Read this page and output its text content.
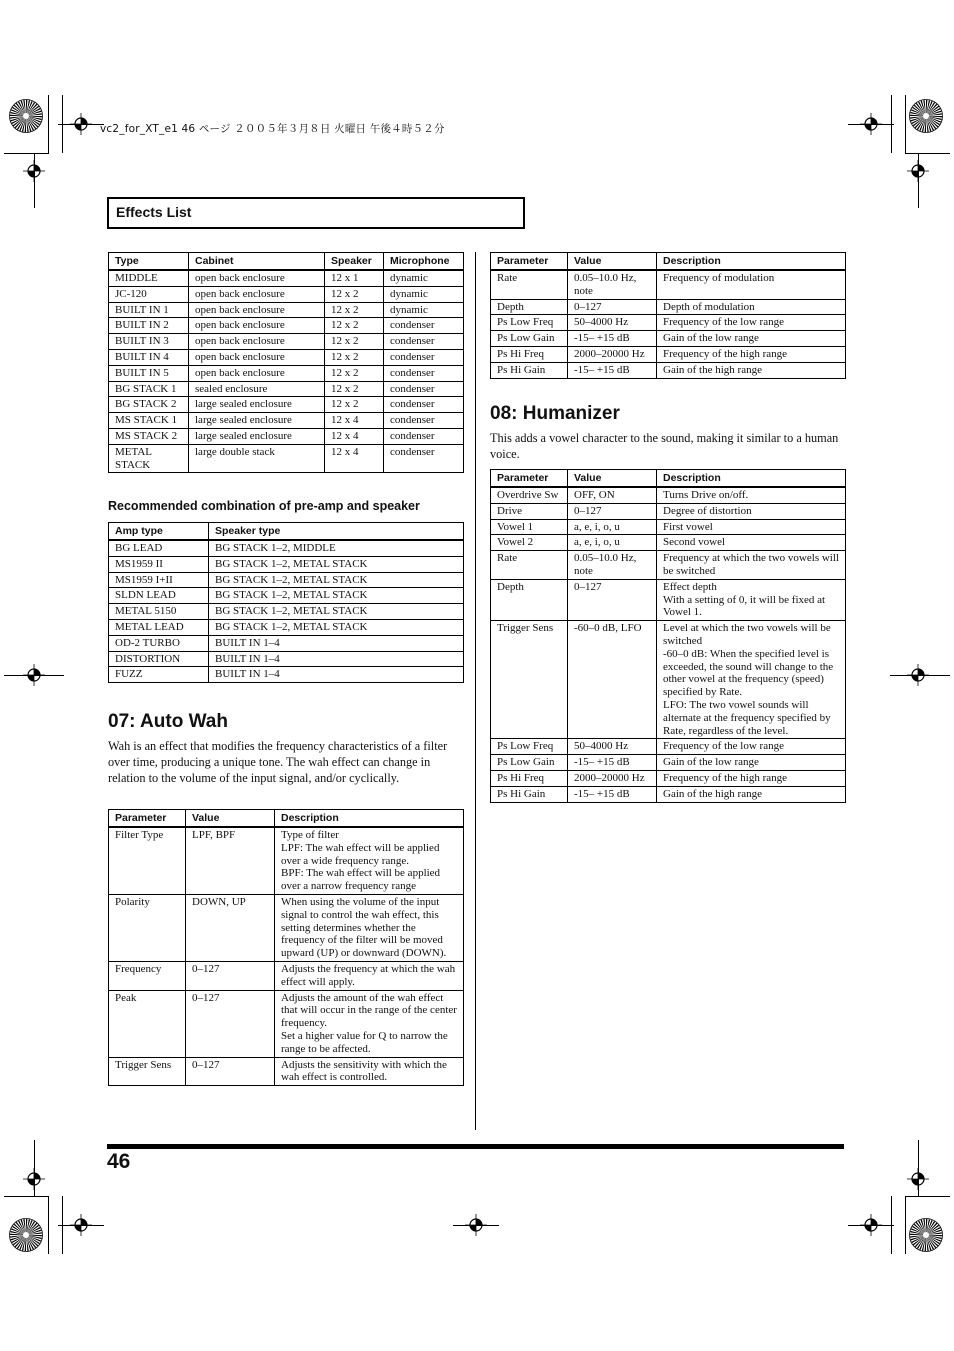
vc2_for_XT_e1 46 ページ ２００５年３月８日 火曜日 午後４時５２分
Effects List
Type	Cabinet	Speaker	Microphone
MIDDLE	open back enclosure	12 x 1	dynamic
JC-120	open back enclosure	12 x 2	dynamic
BUILT IN 1	open back enclosure	12 x 2	dynamic
BUILT IN 2	open back enclosure	12 x 2	condenser
BUILT IN 3	open back enclosure	12 x 2	condenser
BUILT IN 4	open back enclosure	12 x 2	condenser
BUILT IN 5	open back enclosure	12 x 2	condenser
BG STACK 1	sealed enclosure	12 x 2	condenser
BG STACK 2	large sealed enclosure	12 x 2	condenser
MS STACK 1	large sealed enclosure	12 x 4	condenser
MS STACK 2	large sealed enclosure	12 x 4	condenser
METAL STACK	large double stack	12 x 4	condenser
Recommended combination of pre-amp and speaker
Amp type	Speaker type
BG LEAD	BG STACK 1–2, MIDDLE
MS1959 II	BG STACK 1–2, METAL STACK
MS1959 I+II	BG STACK 1–2, METAL STACK
SLDN LEAD	BG STACK 1–2, METAL STACK
METAL 5150	BG STACK 1–2, METAL STACK
METAL LEAD	BG STACK 1–2, METAL STACK
OD-2 TURBO	BUILT IN 1–4
DISTORTION	BUILT IN 1–4
FUZZ	BUILT IN 1–4
07: Auto Wah
Wah is an effect that modifies the frequency characteristics of a filter over time, producing a unique tone. The wah effect can change in relation to the volume of the input signal, and/or cyclically.
Parameter	Value	Description
Filter Type	LPF, BPF	Type of filter
LPF: The wah effect will be applied over a wide frequency range.
BPF: The wah effect will be applied over a narrow frequency range
Polarity	DOWN, UP	When using the volume of the input signal to control the wah effect, this setting determines whether the frequency of the filter will be moved upward (UP) or downward (DOWN).
Frequency	0–127	Adjusts the frequency at which the wah effect will apply.
Peak	0–127	Adjusts the amount of the wah effect that will occur in the range of the center frequency.
Set a higher value for Q to narrow the range to be affected.
Trigger Sens	0–127	Adjusts the sensitivity with which the wah effect is controlled.
Parameter	Value	Description
Rate	0.05–10.0 Hz, note	Frequency of modulation
Depth	0–127	Depth of modulation
Ps Low Freq	50–4000 Hz	Frequency of the low range
Ps Low Gain	-15– +15 dB	Gain of the low range
Ps Hi Freq	2000–20000 Hz	Frequency of the high range
Ps Hi Gain	-15– +15 dB	Gain of the high range
08: Humanizer
This adds a vowel character to the sound, making it similar to a human voice.
Parameter	Value	Description
Overdrive Sw	OFF, ON	Turns Drive on/off.
Drive	0–127	Degree of distortion
Vowel 1	a, e, i, o, u	First vowel
Vowel 2	a, e, i, o, u	Second vowel
Rate	0.05–10.0 Hz, note	Frequency at which the two vowels will be switched
Depth	0–127	Effect depth
With a setting of 0, it will be fixed at Vowel 1.
Trigger Sens	-60–0 dB, LFO	Level at which the two vowels will be switched
-60–0 dB: When the specified level is exceeded, the sound will change to the other vowel at the frequency (speed) specified by Rate.
LFO: The two vowel sounds will alternate at the frequency specified by Rate, regardless of the level.
Ps Low Freq	50–4000 Hz	Frequency of the low range
Ps Low Gain	-15– +15 dB	Gain of the low range
Ps Hi Freq	2000–20000 Hz	Frequency of the high range
Ps Hi Gain	-15– +15 dB	Gain of the high range
46
